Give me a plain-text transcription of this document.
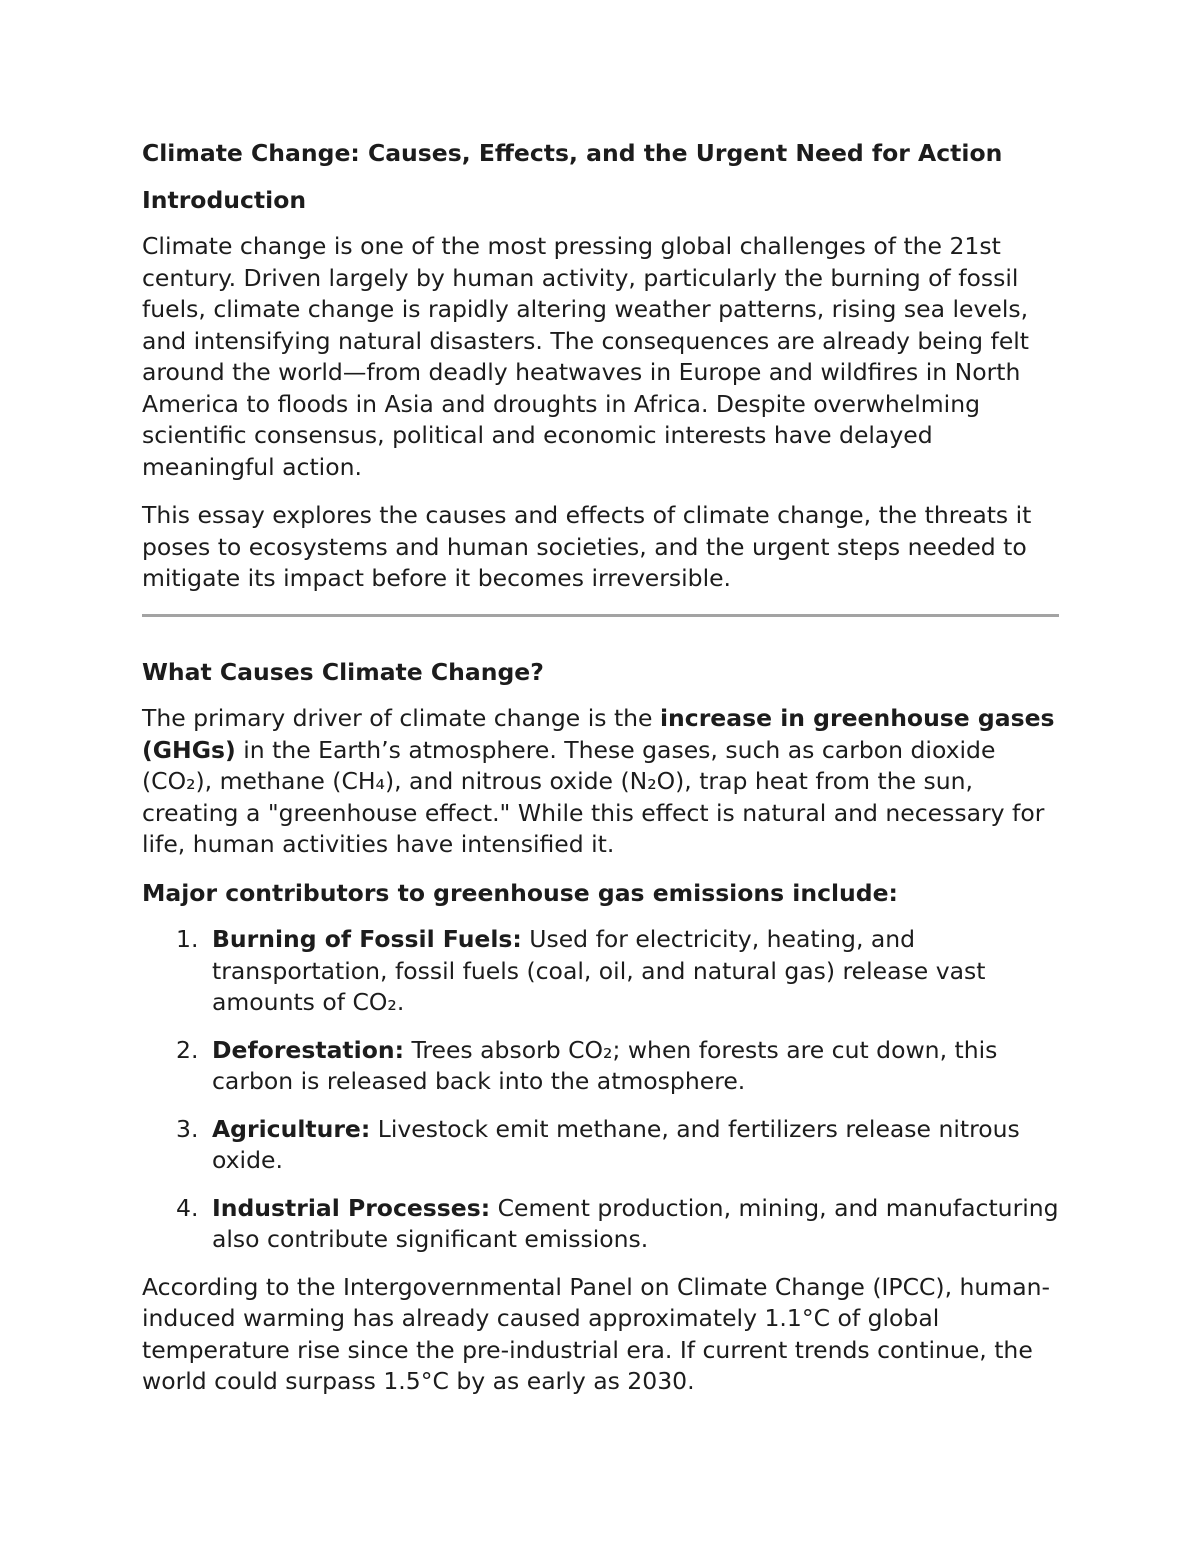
Climate Change: Causes, Effects, and the Urgent Need for Action

Introduction

Climate change is one of the most pressing global challenges of the 21st century. Driven largely by human activity, particularly the burning of fossil fuels, climate change is rapidly altering weather patterns, rising sea levels, and intensifying natural disasters. The consequences are already being felt around the world—from deadly heatwaves in Europe and wildfires in North America to floods in Asia and droughts in Africa. Despite overwhelming scientific consensus, political and economic interests have delayed meaningful action.

This essay explores the causes and effects of climate change, the threats it poses to ecosystems and human societies, and the urgent steps needed to mitigate its impact before it becomes irreversible.

What Causes Climate Change?

The primary driver of climate change is the increase in greenhouse gases (GHGs) in the Earth’s atmosphere. These gases, such as carbon dioxide (CO₂), methane (CH₄), and nitrous oxide (N₂O), trap heat from the sun, creating a "greenhouse effect." While this effect is natural and necessary for life, human activities have intensified it.

Major contributors to greenhouse gas emissions include:

1. Burning of Fossil Fuels: Used for electricity, heating, and transportation, fossil fuels (coal, oil, and natural gas) release vast amounts of CO₂.
2. Deforestation: Trees absorb CO₂; when forests are cut down, this carbon is released back into the atmosphere.
3. Agriculture: Livestock emit methane, and fertilizers release nitrous oxide.
4. Industrial Processes: Cement production, mining, and manufacturing also contribute significant emissions.

According to the Intergovernmental Panel on Climate Change (IPCC), human-induced warming has already caused approximately 1.1°C of global temperature rise since the pre-industrial era. If current trends continue, the world could surpass 1.5°C by as early as 2030.
